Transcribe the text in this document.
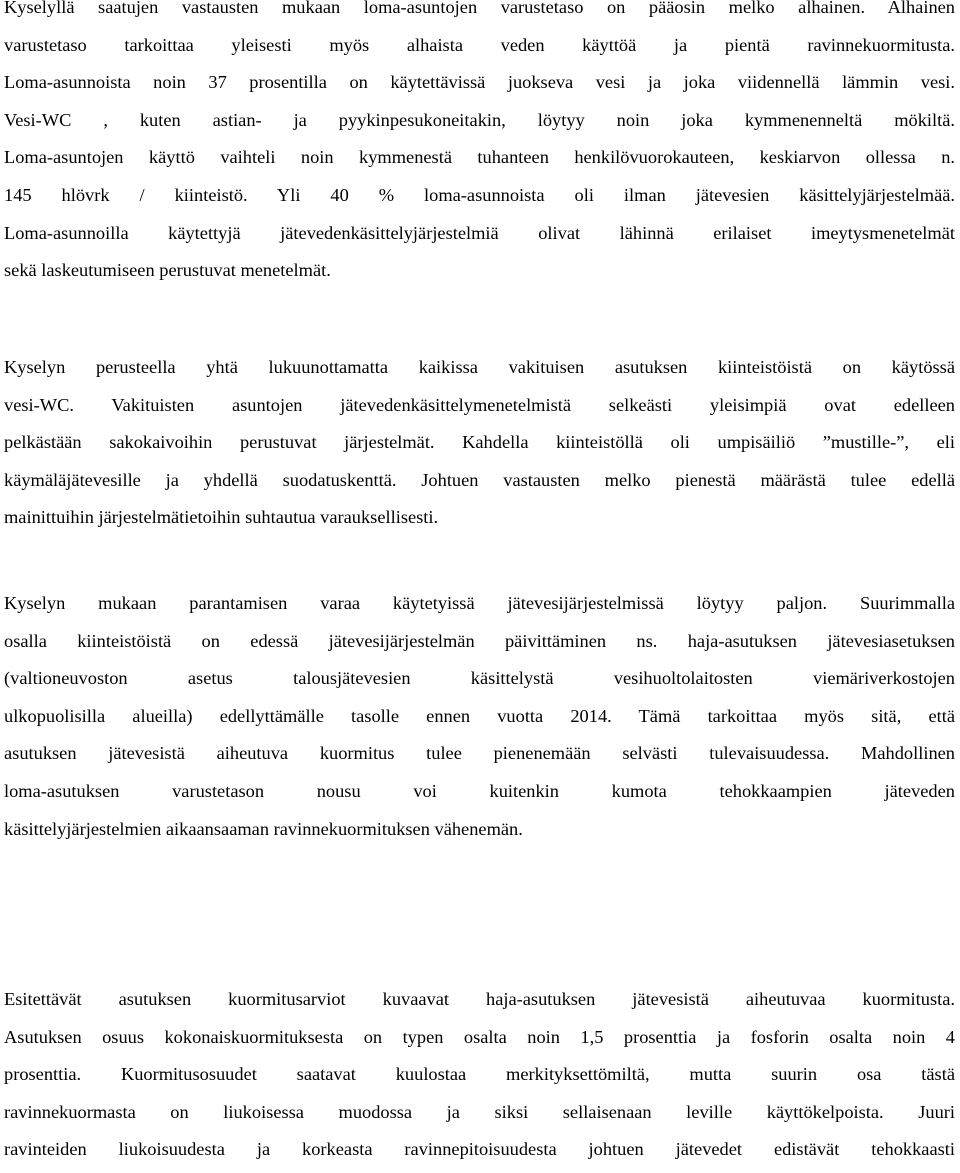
Kyselyllä saatujen vastausten mukaan loma-asuntojen varustetaso on pääosin melko alhainen. Alhainen
varustetaso tarkoittaa yleisesti myös alhaista veden käyttöä ja pientä ravinnekuormitusta.
Loma-asunnoista noin 37 prosentilla on käytettävissä juokseva vesi ja joka viidennellä lämmin vesi.
Vesi-WC , kuten astian- ja pyykinpesukoneitakin, löytyy noin joka kymmenenneltä mökiltä.
Loma-asuntojen käyttö vaihteli noin kymmenestä tuhanteen henkilövuorokauteen, keskiarvon ollessa n.
145 hlövrk / kiinteistö. Yli 40 % loma-asunnoista oli ilman jätevesien käsittelyjärjestelmää.
Loma-asunnoilla käytettyjä jätevedenkäsittelyjärjestelmiä olivat lähinnä erilaiset imeytysmenetelmät
sekä laskeutumiseen perustuvat menetelmät.
Kyselyn perusteella yhtä lukuunottamatta kaikissa vakituisen asutuksen kiinteistöistä on käytössä
vesi-WC. Vakituisten asuntojen jätevedenkäsittelymenetelmistä selkeästi yleisimpiä ovat edelleen
pelkästään sakokaivoihin perustuvat järjestelmät. Kahdella kiinteistöllä oli umpisäiliö ”mustille-”, eli
käymäläjätevesille ja yhdellä suodatuskenttä. Johtuen vastausten melko pienestä määrästä tulee edellä
mainittuihin järjestelmätietoihin suhtautua varauksellisesti.
Kyselyn mukaan parantamisen varaa käytetyissä jätevesijärjestelmissä löytyy paljon. Suurimmalla
osalla kiinteistöistä on edessä jätevesijärjestelmän päivittäminen ns. haja-asutuksen jätevesiasetuksen
(valtioneuvoston asetus talousjätevesien käsittelystä vesihuoltolaitosten viemäriverkostojen
ulkopuolisilla alueilla) edellyttämälle tasolle ennen vuotta 2014. Tämä tarkoittaa myös sitä, että
asutuksen jätevesistä aiheutuva kuormitus tulee pienenemään selvästi tulevaisuudessa. Mahdollinen
loma-asutuksen varustetason nousu voi kuitenkin kumota tehokkaampien jäteveden
käsittelyjärjestelmien aikaansaaman ravinnekuormituksen vähenemän.
Esitettävät asutuksen kuormitusarviot kuvaavat haja-asutuksen jätevesistä aiheutuvaa kuormitusta.
Asutuksen osuus kokonaiskuormituksesta on typen osalta noin 1,5 prosenttia ja fosforin osalta noin 4
prosenttia. Kuormitusosuudet saatavat kuulostaa merkityksettömiltä, mutta suurin osa tästä
ravinnekuormasta on liukoisessa muodossa ja siksi sellaisenaan leville käyttökelpoista. Juuri
ravinteiden liukoisuudesta ja korkeasta ravinnepitoisuudesta johtuen jätevedet edistävät tehokkaasti
